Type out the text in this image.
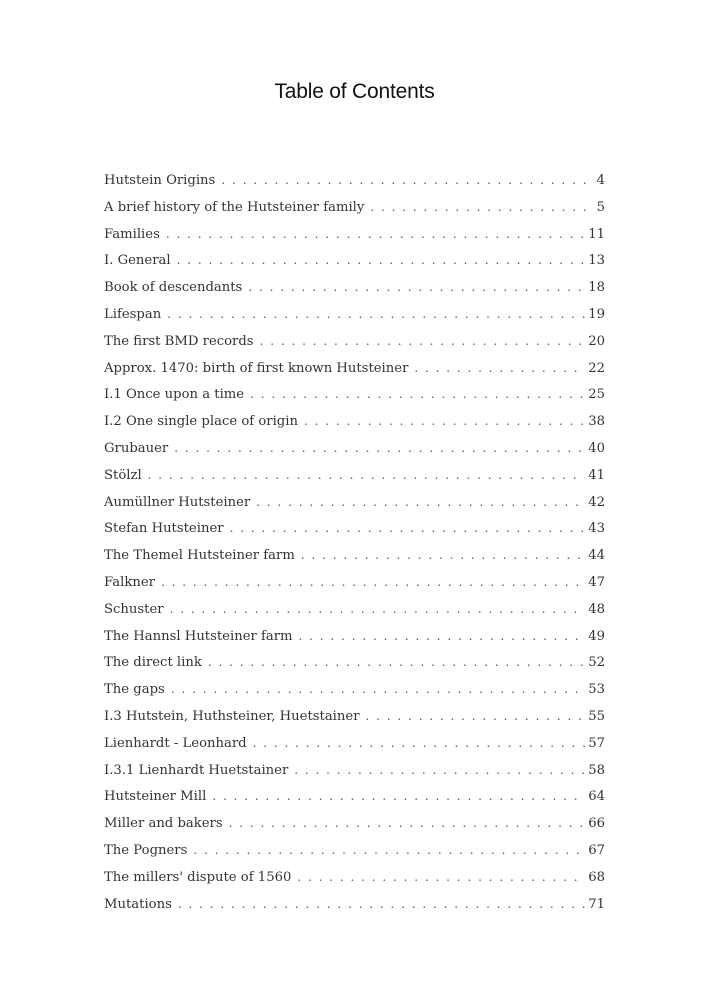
Table of Contents
Hutstein Origins . . .	4
A brief history of the Hutsteiner family . . .	5
Families . . .	11
I. General . . .	13
Book of descendants . . .	18
Lifespan . . .	19
The first BMD records . . .	20
Approx. 1470: birth of first known Hutsteiner . . .	22
I.1 Once upon a time . . .	25
I.2 One single place of origin . . .	38
Grubauer . . .	40
Stölzl . . .	41
Aumüllner Hutsteiner . . .	42
Stefan Hutsteiner . . .	43
The Themel Hutsteiner farm . . .	44
Falkner . . .	47
Schuster . . .	48
The Hannsl Hutsteiner farm . . .	49
The direct link . . .	52
The gaps . . .	53
I.3 Hutstein, Huthsteiner, Huetstainer . . .	55
Lienhardt - Leonhard . . .	57
I.3.1 Lienhardt Huetstainer . . .	58
Hutsteiner Mill . . .	64
Miller and bakers . . .	66
The Pogners . . .	67
The millers' dispute of 1560 . . .	68
Mutations . . .	71
